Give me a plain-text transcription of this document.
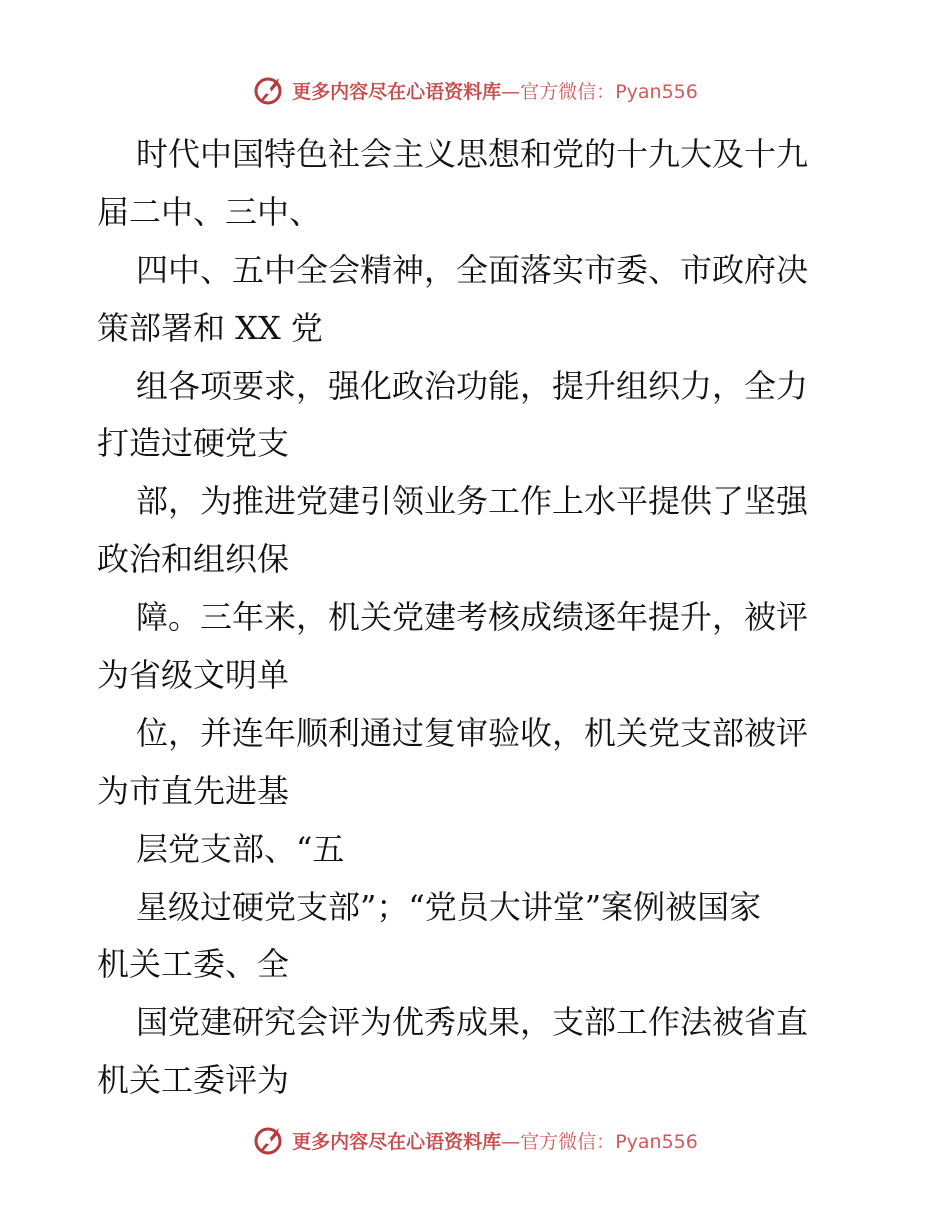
更多内容尽在心语资料库—官方微信：Pyan556
时代中国特色社会主义思想和党的十九大及十九
届二中、三中、
四中、五中全会精神，全面落实市委、市政府决
策部署和 XX 党
组各项要求，强化政治功能，提升组织力，全力
打造过硬党支
部，为推进党建引领业务工作上水平提供了坚强
政治和组织保
障。三年来，机关党建考核成绩逐年提升，被评
为省级文明单
位，并连年顺利通过复审验收，机关党支部被评
为市直先进基
层党支部、“五
星级过硬党支部”；“党员大讲堂”案例被国家
机关工委、全
国党建研究会评为优秀成果，支部工作法被省直
机关工委评为
更多内容尽在心语资料库—官方微信：Pyan556
